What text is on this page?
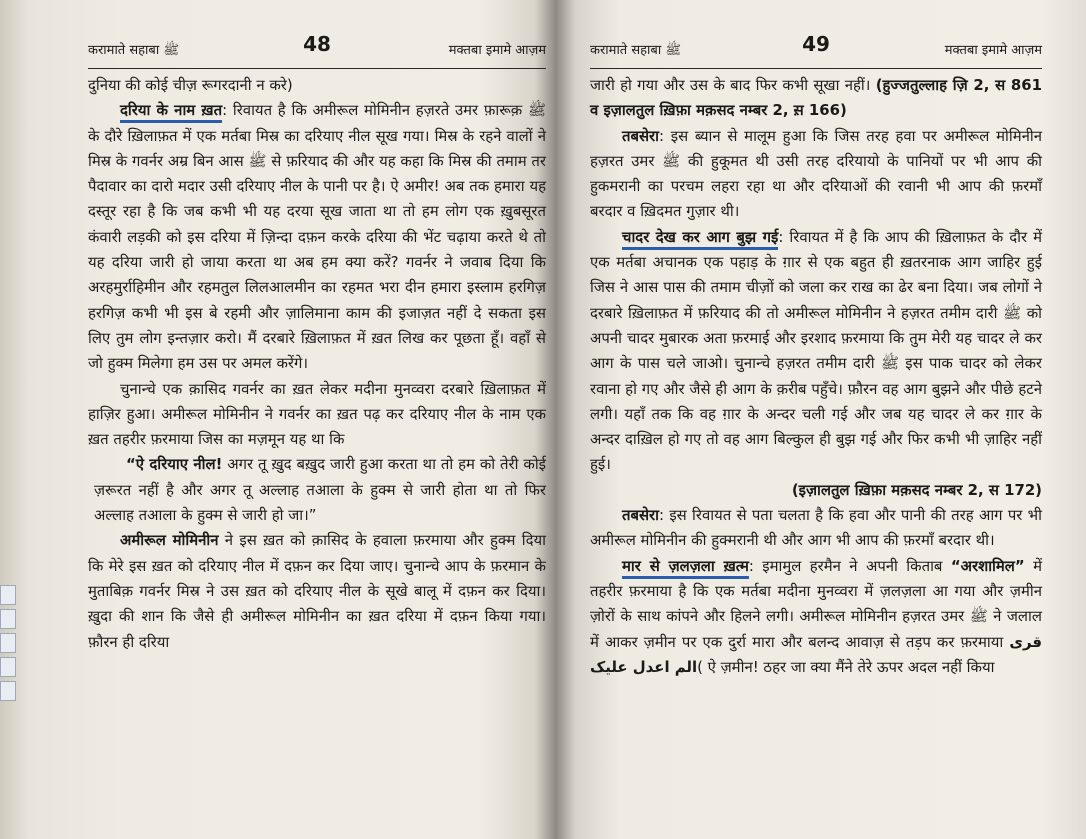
करामाते सहाबा ﷺ	48	मक्तबा इमामे आज़म

दुनिया की कोई चीज़ रूगरदानी न करे)

दरिया के नाम ख़त: रिवायत है कि अमीरूल मोमिनीन हज़रते उमर फ़ारूक़ ﷺ के दौरे ख़िलाफ़त में एक मर्तबा मिस्र का दरियाए नील सूख गया। मिस्र के रहने वालों ने मिस्र के गवर्नर अम्र बिन आस ﷺ से फ़रियाद की और यह कहा कि मिस्र की तमाम तर पैदावार का दारो मदार उसी दरियाए नील के पानी पर है। ऐ अमीर! अब तक हमारा यह दस्तूर रहा है कि जब कभी भी यह दरया सूख जाता था तो हम लोग एक ख़ुबसूरत कंवारी लड़की को इस दरिया में ज़िन्दा दफ़न करके दरिया की भेंट चढ़ाया करते थे तो यह दरिया जारी हो जाया करता था अब हम क्या करें? गवर्नर ने जवाब दिया कि अरहमुर्राहिमीन और रहमतुल लिलआलमीन का रहमत भरा दीन हमारा इस्लाम हरगिज़ हरगिज़ कभी भी इस बे रहमी और ज़ालिमाना काम की इजाज़त नहीं दे सकता इस लिए तुम लोग इन्तज़ार करो। मैं दरबारे ख़िलाफ़त में ख़त लिख कर पूछता हूँ। वहाँ से जो हुक्म मिलेगा हम उस पर अमल करेंगे।

चुनान्चे एक क़ासिद गवर्नर का ख़त लेकर मदीना मुनव्वरा दरबारे ख़िलाफ़त में हाज़िर हुआ। अमीरूल मोमिनीन ने गवर्नर का ख़त पढ़ कर दरियाए नील के नाम एक ख़त तहरीर फ़रमाया जिस का मज़मून यह था कि

“ऐ दरियाए नील! अगर तू ख़ुद बख़ुद जारी हुआ करता था तो हम को तेरी कोई ज़रूरत नहीं है और अगर तू अल्लाह तआला के हुक्म से जारी होता था तो फिर अल्लाह तआला के हुक्म से जारी हो जा।”

अमीरूल मोमिनीन ने इस ख़त को क़ासिद के हवाला फ़रमाया और हुक्म दिया कि मेरे इस ख़त को दरियाए नील में दफ़न कर दिया जाए। चुनान्चे आप के फ़रमान के मुताबिक़ गवर्नर मिस्र ने उस ख़त को दरियाए नील के सूखे बालू में दफ़न कर दिया। ख़ुदा की शान कि जैसे ही अमीरूल मोमिनीन का ख़त दरिया में दफ़न किया गया। फ़ौरन ही दरिया

करामाते सहाबा ﷺ	49	मक्तबा इमामे आज़म

जारी हो गया और उस के बाद फिर कभी सूखा नहीं। (हुज्जतुल्लाह ज़ि 2, स 861 व इज़ालतुल ख़िफ़ा मक़सद नम्बर 2, स़ 166)

तबसेरा: इस ब्यान से मालूम हुआ कि जिस तरह हवा पर अमीरूल मोमिनीन हज़रत उमर ﷺ की हुकूमत थी उसी तरह दरियायो के पानियों पर भी आप की हुकमरानी का परचम लहरा रहा था और दरियाओं की रवानी भी आप की फ़रमाँ बरदार व ख़िदमत गुज़ार थी।

चादर देख कर आग बुझ गई: रिवायत में है कि आप की ख़िलाफ़त के दौर में एक मर्तबा अचानक एक पहाड़ के ग़ार से एक बहुत ही ख़तरनाक आग जाहिर हुई जिस ने आस पास की तमाम चीज़ों को जला कर राख का ढेर बना दिया। जब लोगों ने दरबारे ख़िलाफ़त में फ़रियाद की तो अमीरूल मोमिनीन ने हज़रत तमीम दारी ﷺ को अपनी चादर मुबारक अता फ़रमाई और इरशाद फ़रमाया कि तुम मेरी यह चादर ले कर आग के पास चले जाओ। चुनान्चे हज़रत तमीम दारी ﷺ इस पाक चादर को लेकर रवाना हो गए और जैसे ही आग के क़रीब पहुँचे। फ़ौरन वह आग बुझने और पीछे हटने लगी। यहाँ तक कि वह ग़ार के अन्दर चली गई और जब यह चादर ले कर ग़ार के अन्दर दाख़िल हो गए तो वह आग बिल्कुल ही बुझ गई और फिर कभी भी ज़ाहिर नहीं हुई।

(इज़ालतुल ख़िफ़ा मक़सद नम्बर 2, स 172)

तबसेरा: इस रिवायत से पता चलता है कि हवा और पानी की तरह आग पर भी अमीरूल मोमिनीन की हुक्मरानी थी और आग भी आप की फ़रमाँ बरदार थी।

मार से ज़लज़ला ख़त्म: इमामुल हरमैन ने अपनी किताब “अरशामिल” में तहरीर फ़रमाया है कि एक मर्तबा मदीना मुनव्वरा में ज़लज़ला आ गया और ज़मीन ज़ोरों के साथ कांपने और हिलने लगी। अमीरूल मोमिनीन हज़रत उमर ﷺ ने जलाल में आकर ज़मीन पर एक दुर्रा मारा और बलन्द आवाज़ से तड़प कर फ़रमाया قری الم اعدل علیک( ऐ ज़मीन! ठहर जा क्या मैंने तेरे ऊपर अदल नहीं किया
